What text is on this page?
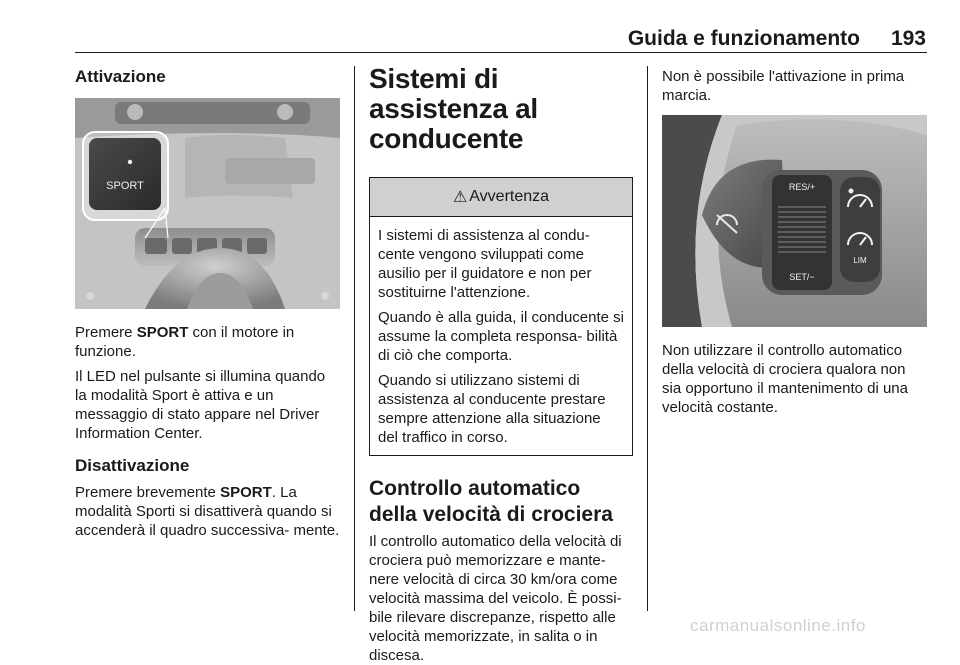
Guida e funzionamento	193
Attivazione
SPORT

Premere SPORT con il motore in funzione.

Il LED nel pulsante si illumina quando la modalità Sport è attiva e un messaggio di stato appare nel Driver Information Center.

Disattivazione

Premere brevemente SPORT. La modalità Sporti si disattiverà quando si accenderà il quadro successiva- mente.

Sistemi di assistenza al conducente
⚠ Avvertenza

I sistemi di assistenza al condu- cente vengono sviluppati come ausilio per il guidatore e non per sostituirne l'attenzione.

Quando è alla guida, il conducente si assume la completa responsa- bilità di ciò che comporta.

Quando si utilizzano sistemi di assistenza al conducente prestare sempre attenzione alla situazione del traffico in corso.

Controllo automatico della velocità di crociera

Il controllo automatico della velocità di crociera può memorizzare e mante- nere velocità di circa 30 km/ora come velocità massima del veicolo. È possi- bile rilevare discrepanze, rispetto alle velocità memorizzate, in salita o in discesa.

Non è possibile l'attivazione in prima marcia.

RES/+
SET/−
LIM

Non utilizzare il controllo automatico della velocità di crociera qualora non sia opportuno il mantenimento di una velocità costante.

carmanualsonline.info
